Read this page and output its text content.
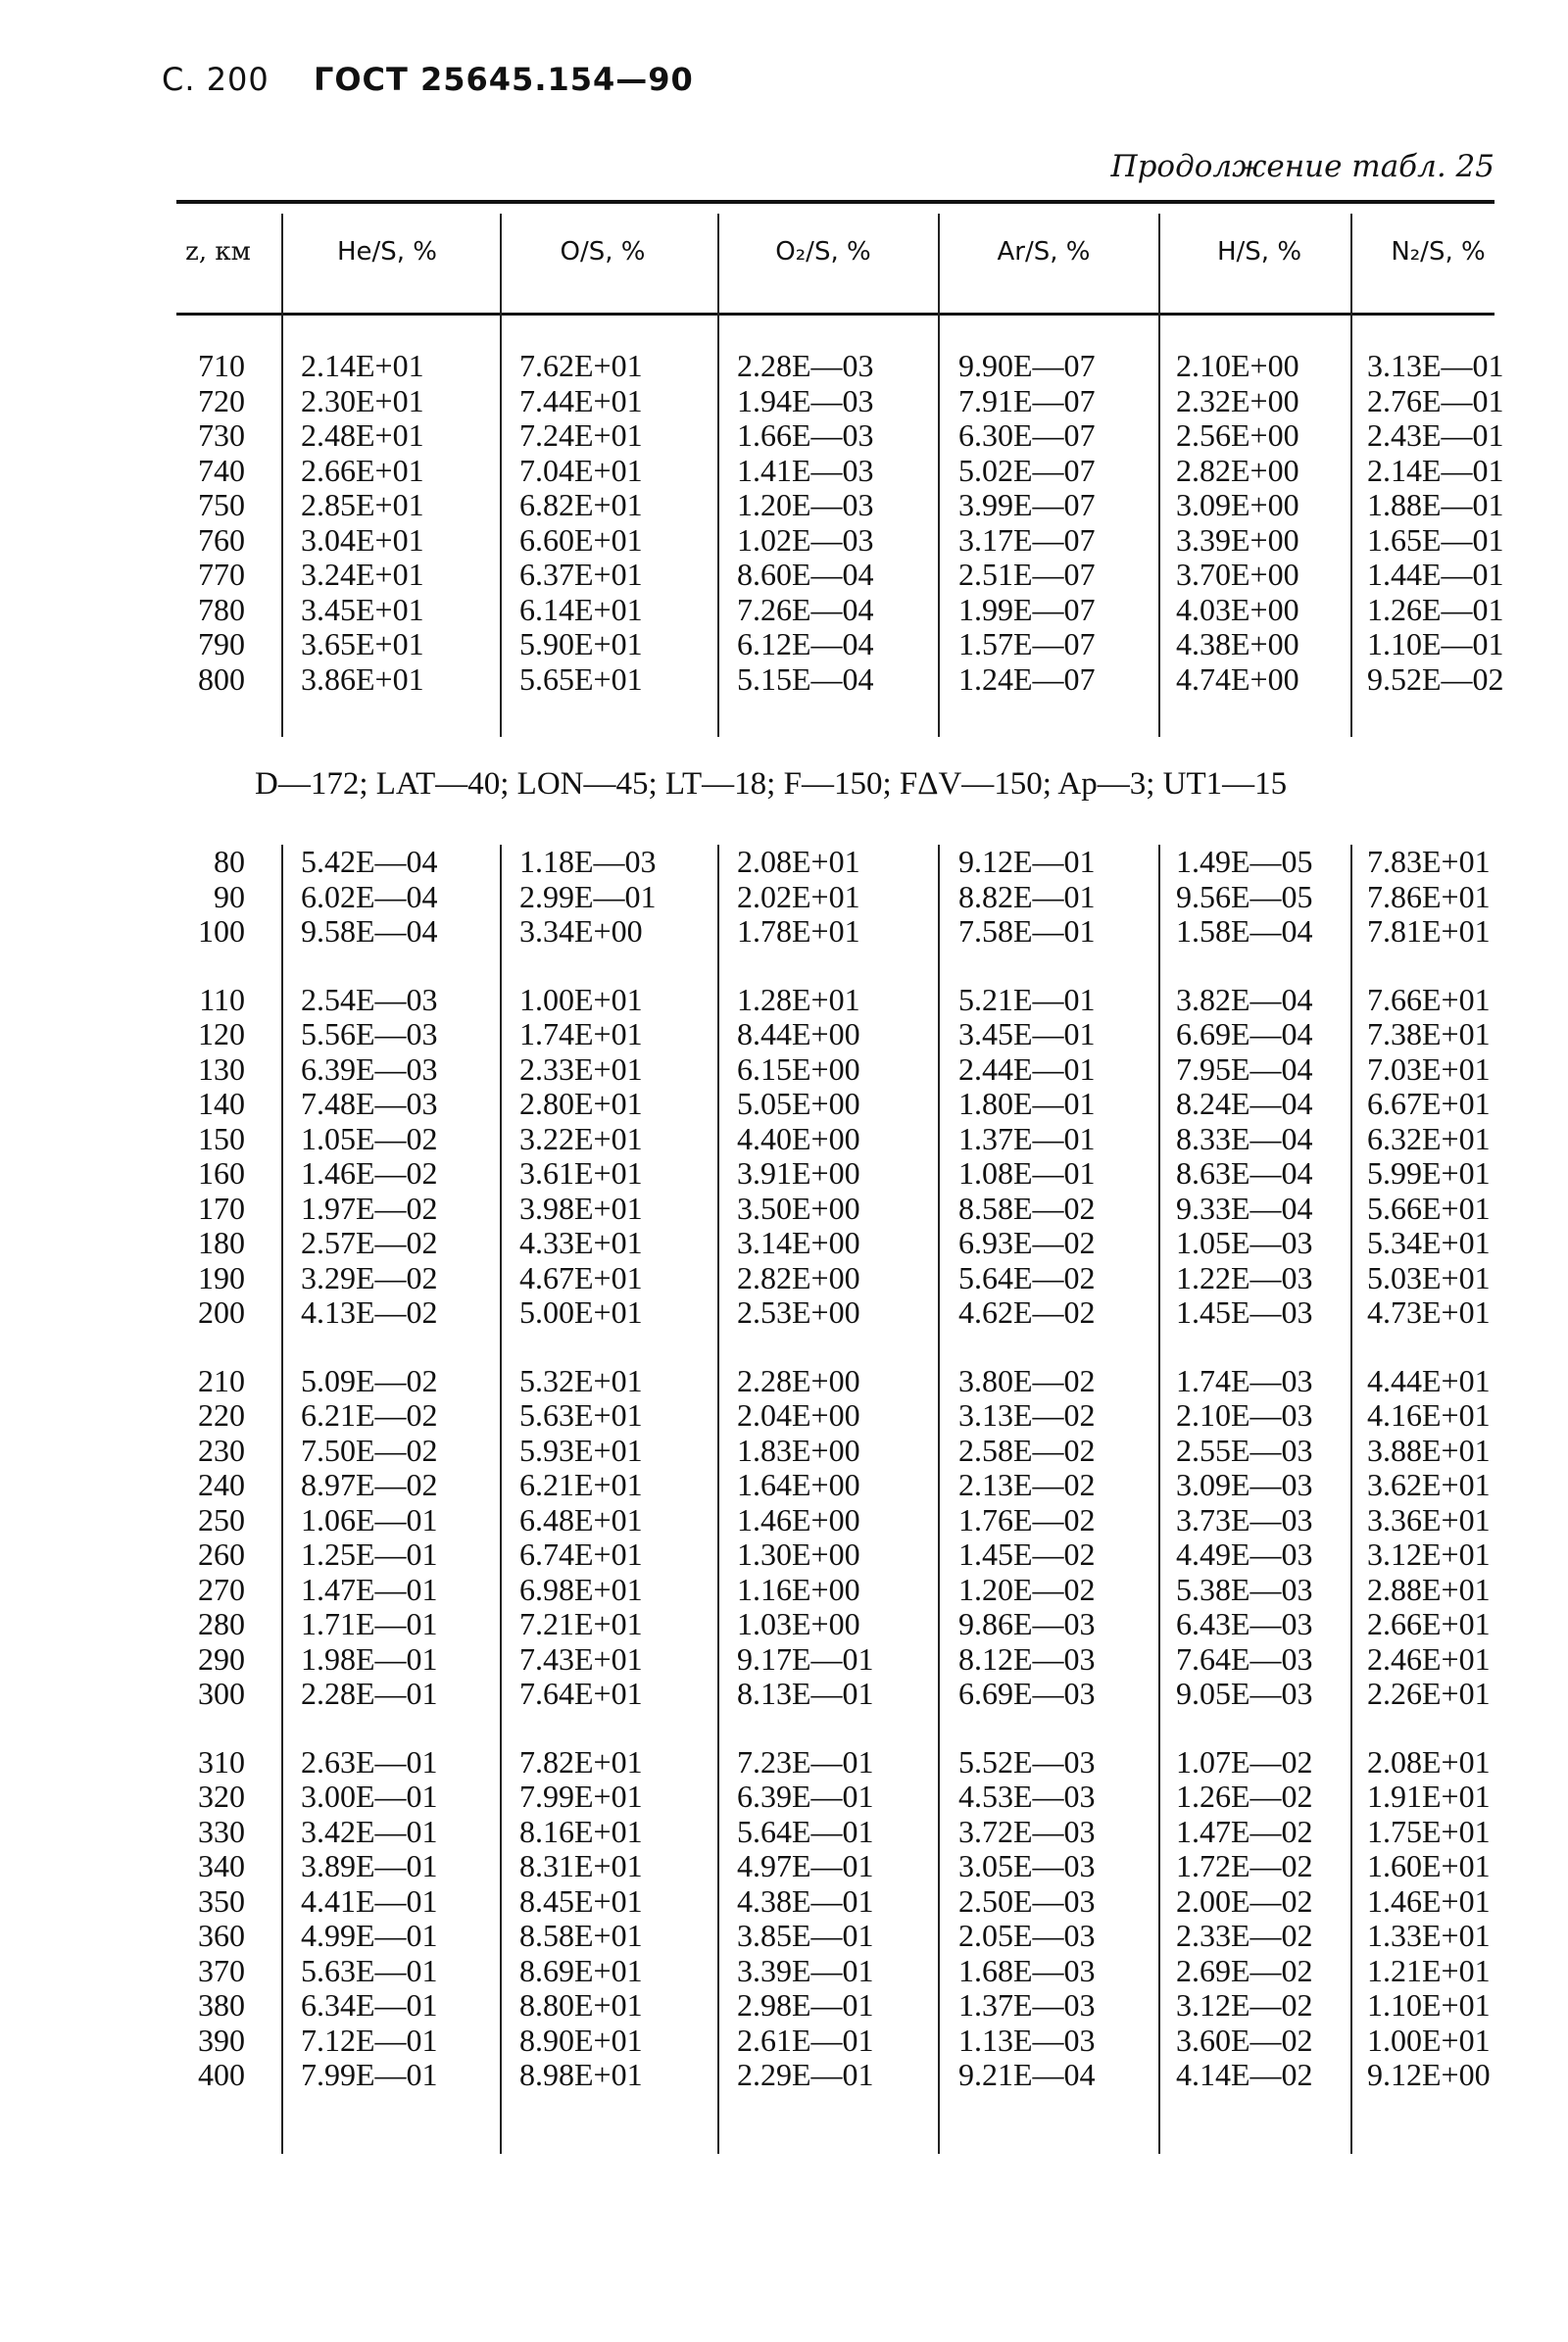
С. 200 ГОСТ 25645.154—90
Продолжение табл. 25
z, км	He/S, %	O/S, %	O₂/S, %	Ar/S, %	H/S, %	N₂/S, %
710 2.14E+01	7.62E+01	2.28E—03	9.90E—07	2.10E+00 3.13E—01
720 2.30E+01	7.44E+01	1.94E—03	7.91E—07	2.32E+00 2.76E—01
730 2.48E+01	7.24E+01	1.66E—03	6.30E—07	2.56E+00 2.43E—01
740 2.66E+01	7.04E+01	1.41E—03	5.02E—07	2.82E+00 2.14E—01
750 2.85E+01	6.82E+01	1.20E—03	3.99E—07	3.09E+00 1.88E—01
760 3.04E+01	6.60E+01	1.02E—03	3.17E—07	3.39E+00 1.65E—01
770 3.24E+01	6.37E+01	8.60E—04	2.51E—07	3.70E+00 1.44E—01
780 3.45E+01	6.14E+01	7.26E—04	1.99E—07	4.03E+00 1.26E—01
790 3.65E+01	5.90E+01	6.12E—04	1.57E—07	4.38E+00 1.10E—01
800 3.86E+01	5.65E+01	5.15E—04	1.24E—07	4.74E+00 9.52E—02
D—172; LAT—40; LON—45; LT—18; F—150; FΔV—150; Ap—3; UT1—15
80 5.42E—04	1.18E—03	2.08E+01	9.12E—01	1.49E—05 7.83E+01
90 6.02E—04	2.99E—01	2.02E+01	8.82E—01	9.56E—05 7.86E+01
100 9.58E—04	3.34E+00	1.78E+01	7.58E—01	1.58E—04 7.81E+01
110 2.54E—03	1.00E+01	1.28E+01	5.21E—01	3.82E—04 7.66E+01
120 5.56E—03	1.74E+01	8.44E+00	3.45E—01	6.69E—04 7.38E+01
130 6.39E—03	2.33E+01	6.15E+00	2.44E—01	7.95E—04 7.03E+01
140 7.48E—03	2.80E+01	5.05E+00	1.80E—01	8.24E—04 6.67E+01
150 1.05E—02	3.22E+01	4.40E+00	1.37E—01	8.33E—04 6.32E+01
160 1.46E—02	3.61E+01	3.91E+00	1.08E—01	8.63E—04 5.99E+01
170 1.97E—02	3.98E+01	3.50E+00	8.58E—02	9.33E—04 5.66E+01
180 2.57E—02	4.33E+01	3.14E+00	6.93E—02	1.05E—03 5.34E+01
190 3.29E—02	4.67E+01	2.82E+00	5.64E—02	1.22E—03 5.03E+01
200 4.13E—02	5.00E+01	2.53E+00	4.62E—02	1.45E—03 4.73E+01
210 5.09E—02	5.32E+01	2.28E+00	3.80E—02	1.74E—03 4.44E+01
220 6.21E—02	5.63E+01	2.04E+00	3.13E—02	2.10E—03 4.16E+01
230 7.50E—02	5.93E+01	1.83E+00	2.58E—02	2.55E—03 3.88E+01
240 8.97E—02	6.21E+01	1.64E+00	2.13E—02	3.09E—03 3.62E+01
250 1.06E—01	6.48E+01	1.46E+00	1.76E—02	3.73E—03 3.36E+01
260 1.25E—01	6.74E+01	1.30E+00	1.45E—02	4.49E—03 3.12E+01
270 1.47E—01	6.98E+01	1.16E+00	1.20E—02	5.38E—03 2.88E+01
280 1.71E—01	7.21E+01	1.03E+00	9.86E—03	6.43E—03 2.66E+01
290 1.98E—01	7.43E+01	9.17E—01	8.12E—03	7.64E—03 2.46E+01
300 2.28E—01	7.64E+01	8.13E—01	6.69E—03	9.05E—03 2.26E+01
310 2.63E—01	7.82E+01	7.23E—01	5.52E—03	1.07E—02 2.08E+01
320 3.00E—01	7.99E+01	6.39E—01	4.53E—03	1.26E—02 1.91E+01
330 3.42E—01	8.16E+01	5.64E—01	3.72E—03	1.47E—02 1.75E+01
340 3.89E—01	8.31E+01	4.97E—01	3.05E—03	1.72E—02 1.60E+01
350 4.41E—01	8.45E+01	4.38E—01	2.50E—03	2.00E—02 1.46E+01
360 4.99E—01	8.58E+01	3.85E—01	2.05E—03	2.33E—02 1.33E+01
370 5.63E—01	8.69E+01	3.39E—01	1.68E—03	2.69E—02 1.21E+01
380 6.34E—01	8.80E+01	2.98E—01	1.37E—03	3.12E—02 1.10E+01
390 7.12E—01	8.90E+01	2.61E—01	1.13E—03	3.60E—02 1.00E+01
400 7.99E—01	8.98E+01	2.29E—01	9.21E—04	4.14E—02 9.12E+00
